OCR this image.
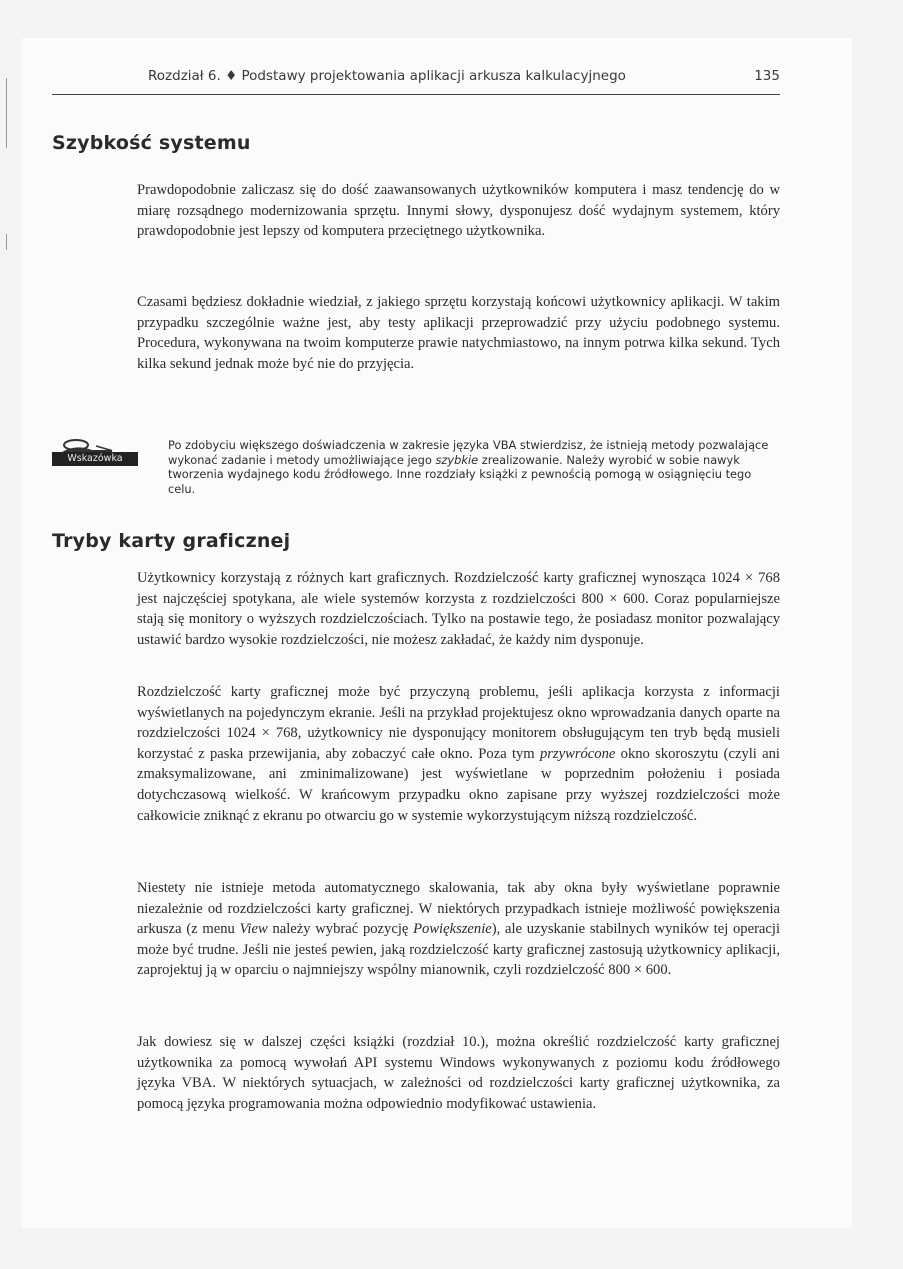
Rozdział 6. ♦ Podstawy projektowania aplikacji arkusza kalkulacyjnego	135
Szybkość systemu

Prawdopodobnie zaliczasz się do dość zaawansowanych użytkowników komputera i masz tendencję do w miarę rozsądnego modernizowania sprzętu. Innymi słowy, dysponujesz dość wydajnym systemem, który prawdopodobnie jest lepszy od komputera przeciętnego użytkownika.

Czasami będziesz dokładnie wiedział, z jakiego sprzętu korzystają końcowi użytkownicy aplikacji. W takim przypadku szczególnie ważne jest, aby testy aplikacji przeprowadzić przy użyciu podobnego systemu. Procedura, wykonywana na twoim komputerze prawie natychmiastowo, na innym potrwa kilka sekund. Tych kilka sekund jednak może być nie do przyjęcia.

Wskazówka

Po zdobyciu większego doświadczenia w zakresie języka VBA stwierdzisz, że istnieją metody pozwalające wykonać zadanie i metody umożliwiające jego szybkie zrealizowanie. Należy wyrobić w sobie nawyk tworzenia wydajnego kodu źródłowego. Inne rozdziały książki z pewnością pomogą w osiągnięciu tego celu.

Tryby karty graficznej

Użytkownicy korzystają z różnych kart graficznych. Rozdzielczość karty graficznej wynosząca 1024 × 768 jest najczęściej spotykana, ale wiele systemów korzysta z rozdzielczości 800 × 600. Coraz popularniejsze stają się monitory o wyższych rozdzielczościach. Tylko na postawie tego, że posiadasz monitor pozwalający ustawić bardzo wysokie rozdzielczości, nie możesz zakładać, że każdy nim dysponuje.

Rozdzielczość karty graficznej może być przyczyną problemu, jeśli aplikacja korzysta z informacji wyświetlanych na pojedynczym ekranie. Jeśli na przykład projektujesz okno wprowadzania danych oparte na rozdzielczości 1024 × 768, użytkownicy nie dysponujący monitorem obsługującym ten tryb będą musieli korzystać z paska przewijania, aby zobaczyć całe okno. Poza tym przywrócone okno skoroszytu (czyli ani zmaksymalizowane, ani zminimalizowane) jest wyświetlane w poprzednim położeniu i posiada dotychczasową wielkość. W krańcowym przypadku okno zapisane przy wyższej rozdzielczości może całkowicie zniknąć z ekranu po otwarciu go w systemie wykorzystującym niższą rozdzielczość.

Niestety nie istnieje metoda automatycznego skalowania, tak aby okna były wyświetlane poprawnie niezależnie od rozdzielczości karty graficznej. W niektórych przypadkach istnieje możliwość powiększenia arkusza (z menu View należy wybrać pozycję Powiększenie), ale uzyskanie stabilnych wyników tej operacji może być trudne. Jeśli nie jesteś pewien, jaką rozdzielczość karty graficznej zastosują użytkownicy aplikacji, zaprojektuj ją w oparciu o najmniejszy wspólny mianownik, czyli rozdzielczość 800 × 600.

Jak dowiesz się w dalszej części książki (rozdział 10.), można określić rozdzielczość karty graficznej użytkownika za pomocą wywołań API systemu Windows wykonywanych z poziomu kodu źródłowego języka VBA. W niektórych sytuacjach, w zależności od rozdzielczości karty graficznej użytkownika, za pomocą języka programowania można odpowiednio modyfikować ustawienia.
